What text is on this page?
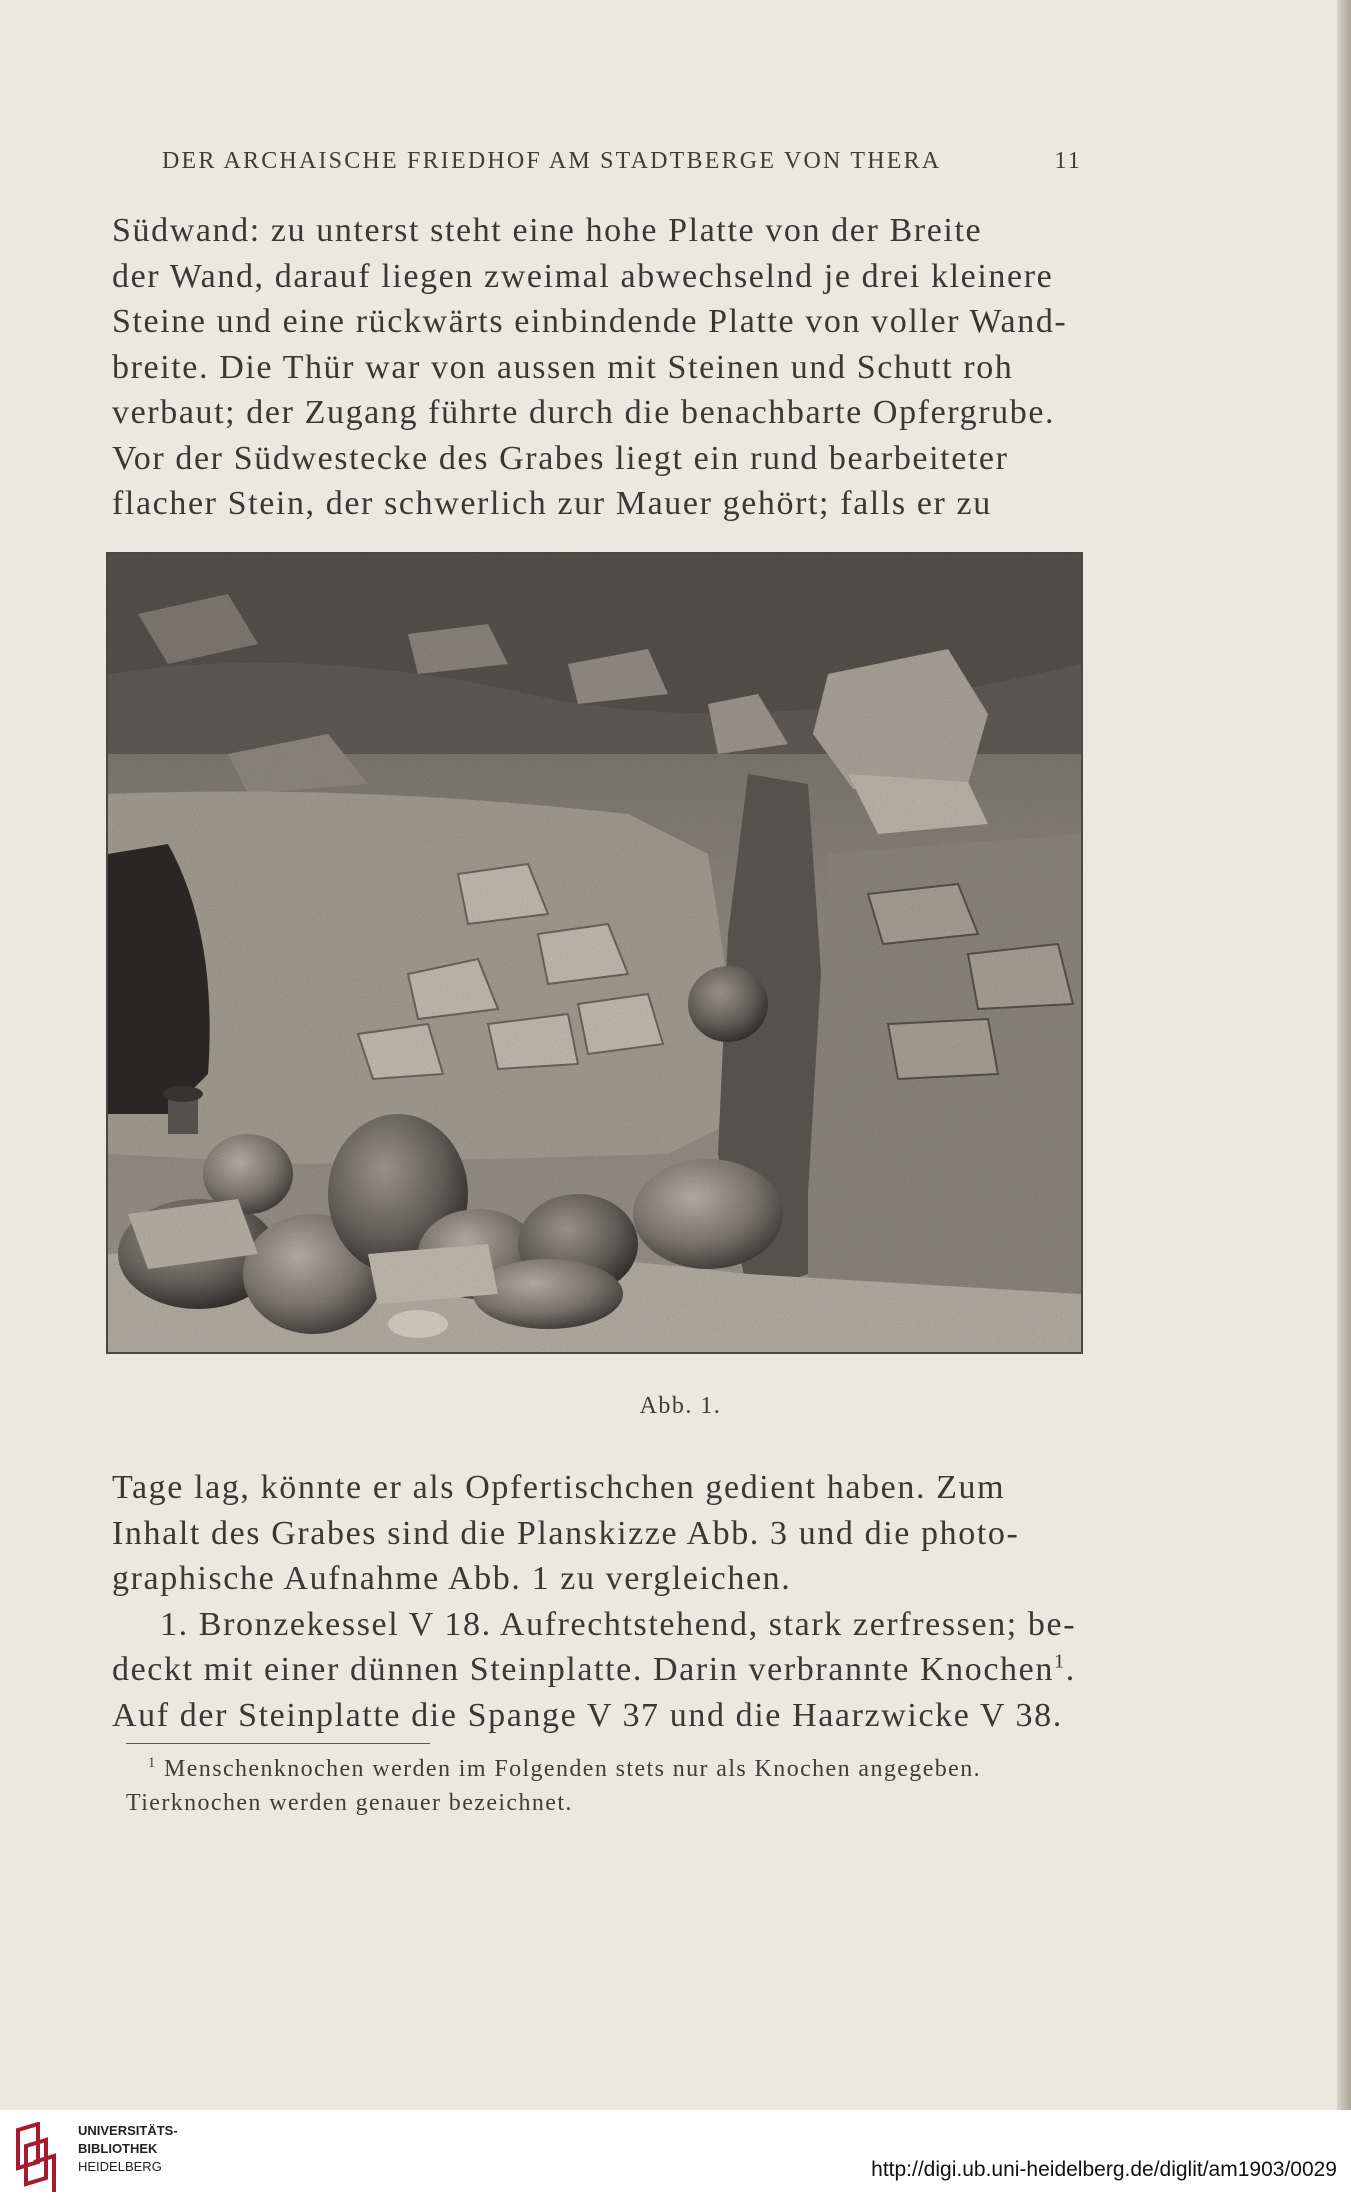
DER ARCHAISCHE FRIEDHOF AM STADTBERGE VON THERA	11
Südwand: zu unterst steht eine hohe Platte von der Breite
der Wand, darauf liegen zweimal abwechselnd je drei kleinere
Steine und eine rückwärts einbindende Platte von voller Wand-
breite. Die Thür war von aussen mit Steinen und Schutt roh
verbaut; der Zugang führte durch die benachbarte Opfergrube.
Vor der Südwestecke des Grabes liegt ein rund bearbeiteter
flacher Stein, der schwerlich zur Mauer gehört; falls er zu
Abb. 1.
Tage lag, könnte er als Opfertischchen gedient haben. Zum
Inhalt des Grabes sind die Planskizze Abb. 3 und die photo-
graphische Aufnahme Abb. 1 zu vergleichen.
1. Bronzekessel V 18. Aufrechtstehend, stark zerfressen; be-
deckt mit einer dünnen Steinplatte. Darin verbrannte Knochen$^1$.
Auf der Steinplatte die Spange V 37 und die Haarzwicke V 38.
$^1$ Menschenknochen werden im Folgenden stets nur als Knochen angegeben.
Tierknochen werden genauer bezeichnet.
UNIVERSITÄTS-
BIBLIOTHEK
HEIDELBERG	http://digi.ub.uni-heidelberg.de/diglit/am1903/0029
